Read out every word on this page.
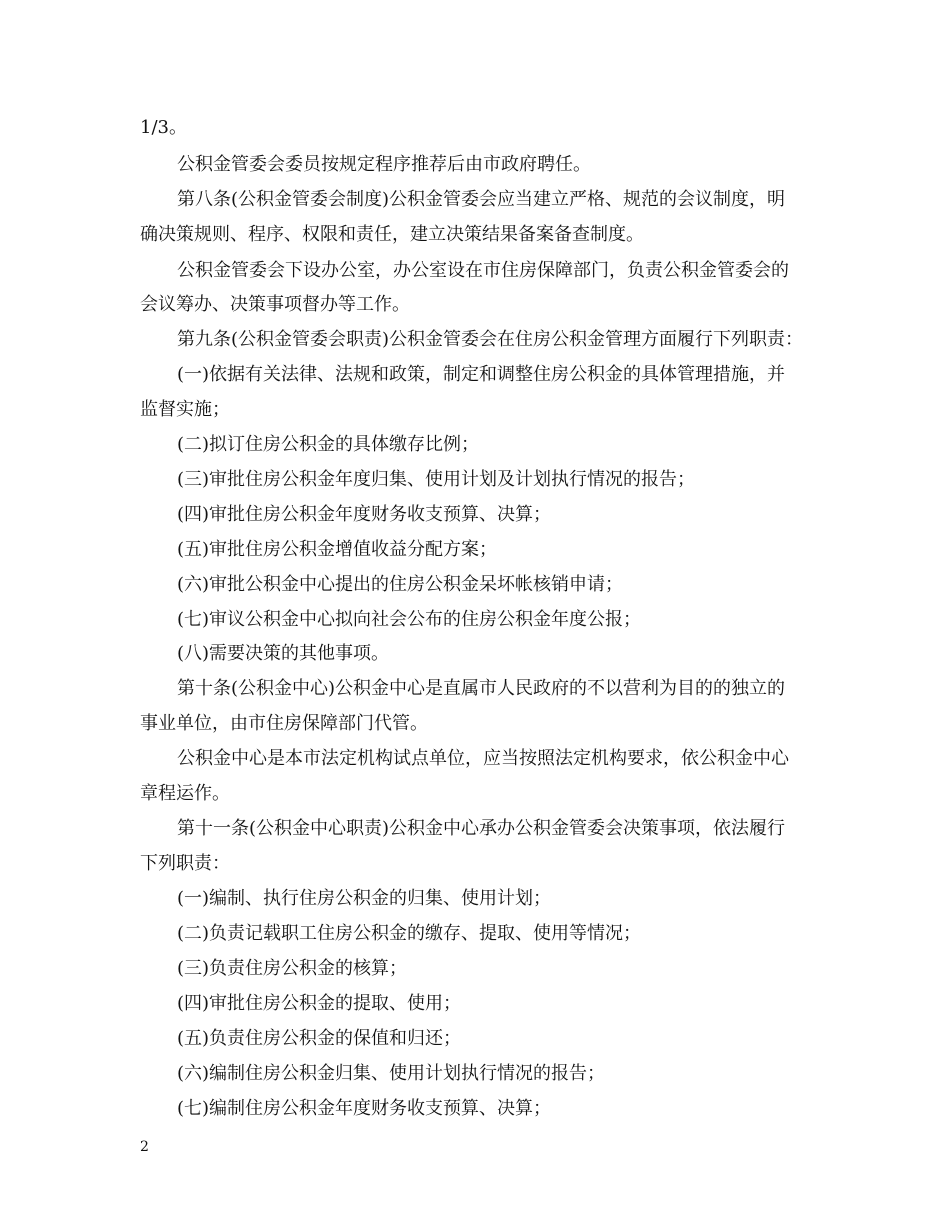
1/3。
公积金管委会委员按规定程序推荐后由市政府聘任。
第八条(公积金管委会制度)公积金管委会应当建立严格、规范的会议制度，明
确决策规则、程序、权限和责任，建立决策结果备案备查制度。
公积金管委会下设办公室，办公室设在市住房保障部门，负责公积金管委会的
会议筹办、决策事项督办等工作。
第九条(公积金管委会职责)公积金管委会在住房公积金管理方面履行下列职责：
(一)依据有关法律、法规和政策，制定和调整住房公积金的具体管理措施，并
监督实施；
(二)拟订住房公积金的具体缴存比例；
(三)审批住房公积金年度归集、使用计划及计划执行情况的报告；
(四)审批住房公积金年度财务收支预算、决算；
(五)审批住房公积金增值收益分配方案；
(六)审批公积金中心提出的住房公积金呆坏帐核销申请；
(七)审议公积金中心拟向社会公布的住房公积金年度公报；
(八)需要决策的其他事项。
第十条(公积金中心)公积金中心是直属市人民政府的不以营利为目的的独立的
事业单位，由市住房保障部门代管。
公积金中心是本市法定机构试点单位，应当按照法定机构要求，依公积金中心
章程运作。
第十一条(公积金中心职责)公积金中心承办公积金管委会决策事项，依法履行
下列职责：
(一)编制、执行住房公积金的归集、使用计划；
(二)负责记载职工住房公积金的缴存、提取、使用等情况；
(三)负责住房公积金的核算；
(四)审批住房公积金的提取、使用；
(五)负责住房公积金的保值和归还；
(六)编制住房公积金归集、使用计划执行情况的报告；
(七)编制住房公积金年度财务收支预算、决算；
2
